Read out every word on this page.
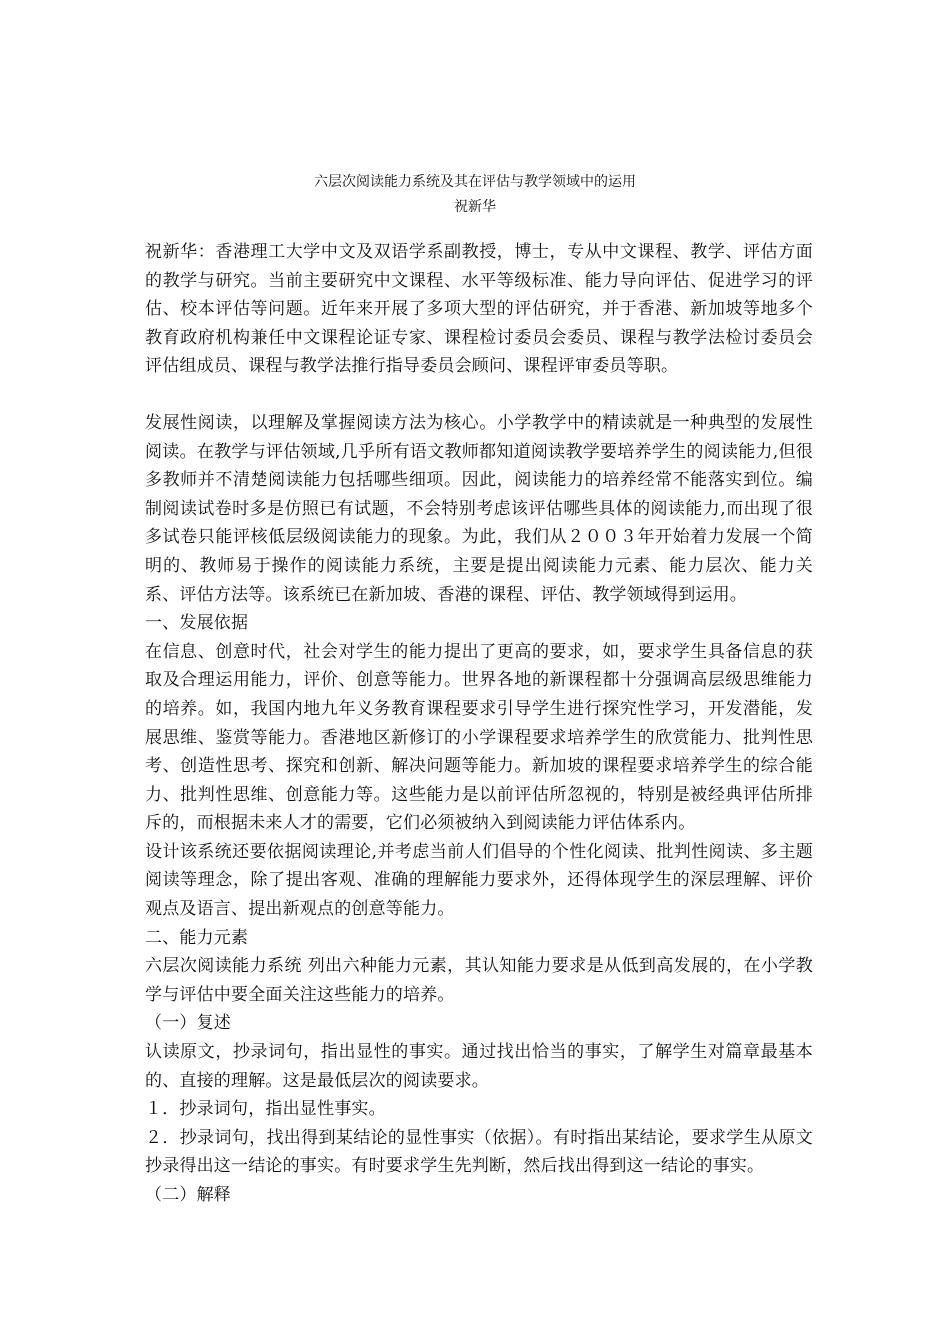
六层次阅读能力系统及其在评估与教学领域中的运用
祝新华

祝新华：香港理工大学中文及双语学系副教授，博士，专从中文课程、教学、评估方面的教学与研究。当前主要研究中文课程、水平等级标准、能力导向评估、促进学习的评估、校本评估等问题。近年来开展了多项大型的评估研究，并于香港、新加坡等地多个教育政府机构兼任中文课程论证专家、课程检讨委员会委员、课程与教学法检讨委员会评估组成员、课程与教学法推行指导委员会顾问、课程评审委员等职。

发展性阅读，以理解及掌握阅读方法为核心。小学教学中的精读就是一种典型的发展性阅读。在教学与评估领域,几乎所有语文教师都知道阅读教学要培养学生的阅读能力,但很多教师并不清楚阅读能力包括哪些细项。因此，阅读能力的培养经常不能落实到位。编制阅读试卷时多是仿照已有试题，不会特别考虑该评估哪些具体的阅读能力,而出现了很多试卷只能评核低层级阅读能力的现象。为此，我们从２００３年开始着力发展一个简明的、教师易于操作的阅读能力系统，主要是提出阅读能力元素、能力层次、能力关系、评估方法等。该系统已在新加坡、香港的课程、评估、教学领域得到运用。

一、发展依据

在信息、创意时代，社会对学生的能力提出了更高的要求，如，要求学生具备信息的获取及合理运用能力，评价、创意等能力。世界各地的新课程都十分强调高层级思维能力的培养。如，我国内地九年义务教育课程要求引导学生进行探究性学习，开发潜能，发展思维、鉴赏等能力。香港地区新修订的小学课程要求培养学生的欣赏能力、批判性思考、创造性思考、探究和创新、解决问题等能力。新加坡的课程要求培养学生的综合能力、批判性思维、创意能力等。这些能力是以前评估所忽视的，特别是被经典评估所排斥的，而根据未来人才的需要，它们必须被纳入到阅读能力评估体系内。

设计该系统还要依据阅读理论,并考虑当前人们倡导的个性化阅读、批判性阅读、多主题阅读等理念，除了提出客观、准确的理解能力要求外，还得体现学生的深层理解、评价观点及语言、提出新观点的创意等能力。

二、能力元素

六层次阅读能力系统 列出六种能力元素，其认知能力要求是从低到高发展的，在小学教学与评估中要全面关注这些能力的培养。

（一）复述

认读原文，抄录词句，指出显性的事实。通过找出恰当的事实，了解学生对篇章最基本的、直接的理解。这是最低层次的阅读要求。

１．抄录词句，指出显性事实。

２．抄录词句，找出得到某结论的显性事实（依据）。有时指出某结论，要求学生从原文抄录得出这一结论的事实。有时要求学生先判断，然后找出得到这一结论的事实。

（二）解释
